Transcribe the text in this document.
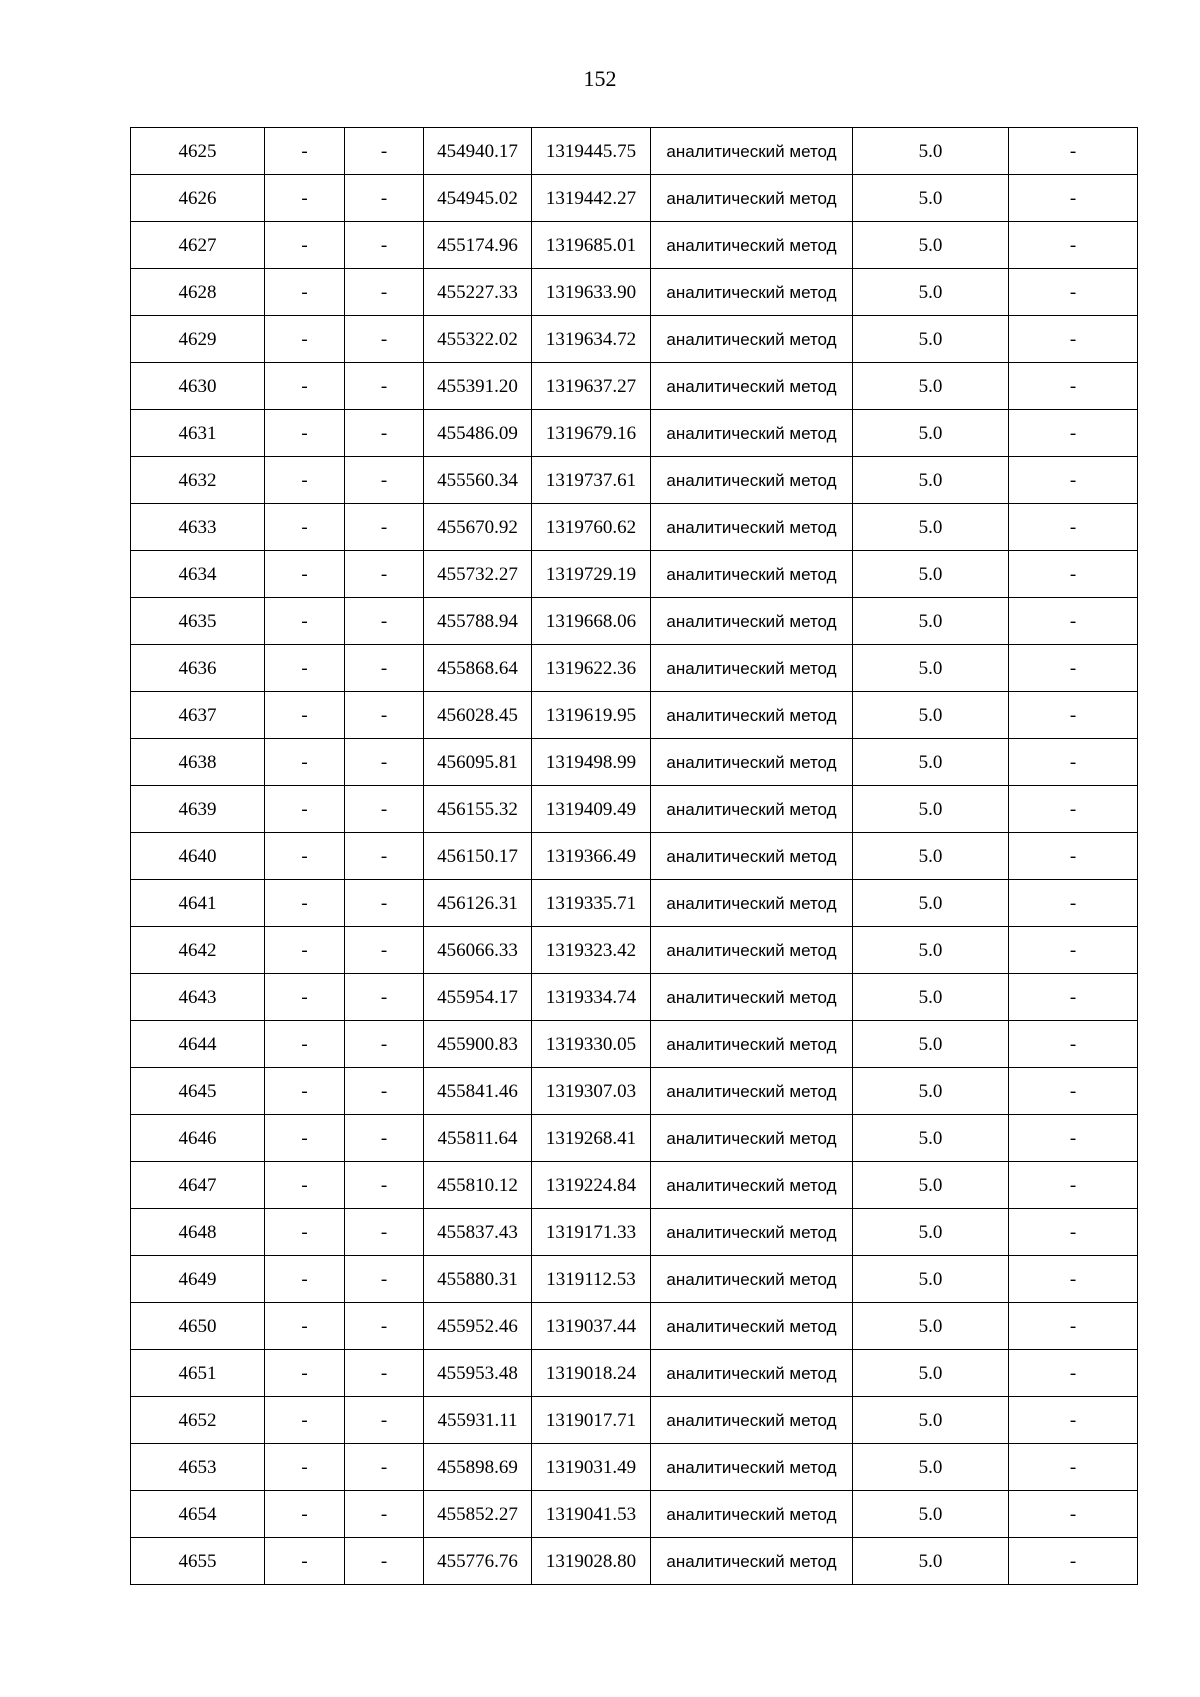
152
4625	-	-	454940.17	1319445.75	аналитический метод	5.0	-
4626	-	-	454945.02	1319442.27	аналитический метод	5.0	-
4627	-	-	455174.96	1319685.01	аналитический метод	5.0	-
4628	-	-	455227.33	1319633.90	аналитический метод	5.0	-
4629	-	-	455322.02	1319634.72	аналитический метод	5.0	-
4630	-	-	455391.20	1319637.27	аналитический метод	5.0	-
4631	-	-	455486.09	1319679.16	аналитический метод	5.0	-
4632	-	-	455560.34	1319737.61	аналитический метод	5.0	-
4633	-	-	455670.92	1319760.62	аналитический метод	5.0	-
4634	-	-	455732.27	1319729.19	аналитический метод	5.0	-
4635	-	-	455788.94	1319668.06	аналитический метод	5.0	-
4636	-	-	455868.64	1319622.36	аналитический метод	5.0	-
4637	-	-	456028.45	1319619.95	аналитический метод	5.0	-
4638	-	-	456095.81	1319498.99	аналитический метод	5.0	-
4639	-	-	456155.32	1319409.49	аналитический метод	5.0	-
4640	-	-	456150.17	1319366.49	аналитический метод	5.0	-
4641	-	-	456126.31	1319335.71	аналитический метод	5.0	-
4642	-	-	456066.33	1319323.42	аналитический метод	5.0	-
4643	-	-	455954.17	1319334.74	аналитический метод	5.0	-
4644	-	-	455900.83	1319330.05	аналитический метод	5.0	-
4645	-	-	455841.46	1319307.03	аналитический метод	5.0	-
4646	-	-	455811.64	1319268.41	аналитический метод	5.0	-
4647	-	-	455810.12	1319224.84	аналитический метод	5.0	-
4648	-	-	455837.43	1319171.33	аналитический метод	5.0	-
4649	-	-	455880.31	1319112.53	аналитический метод	5.0	-
4650	-	-	455952.46	1319037.44	аналитический метод	5.0	-
4651	-	-	455953.48	1319018.24	аналитический метод	5.0	-
4652	-	-	455931.11	1319017.71	аналитический метод	5.0	-
4653	-	-	455898.69	1319031.49	аналитический метод	5.0	-
4654	-	-	455852.27	1319041.53	аналитический метод	5.0	-
4655	-	-	455776.76	1319028.80	аналитический метод	5.0	-
